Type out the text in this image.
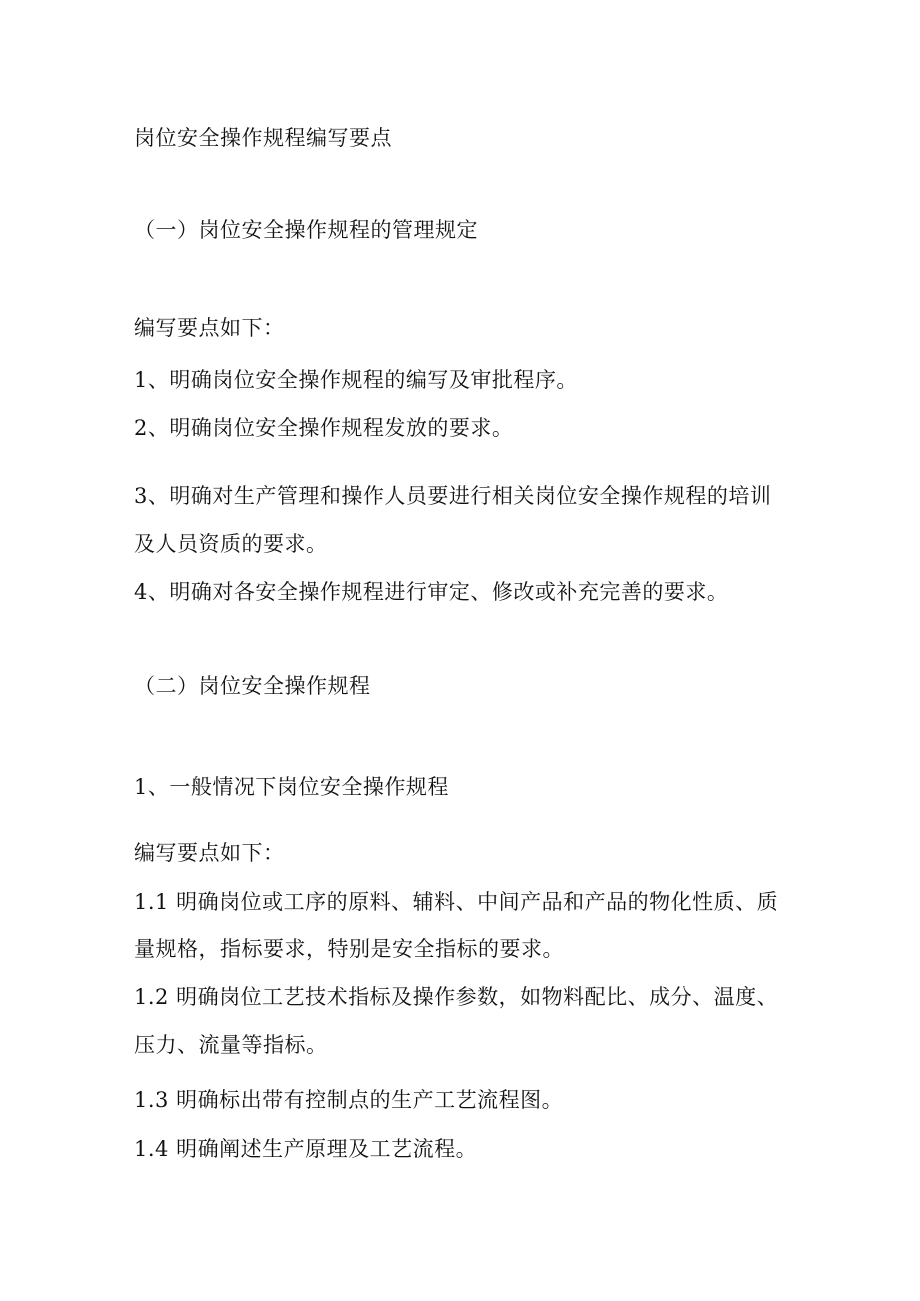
岗位安全操作规程编写要点
（一）岗位安全操作规程的管理规定
编写要点如下：
1、明确岗位安全操作规程的编写及审批程序。
2、明确岗位安全操作规程发放的要求。
3、明确对生产管理和操作人员要进行相关岗位安全操作规程的培训
及人员资质的要求。
4、明确对各安全操作规程进行审定、修改或补充完善的要求。
（二）岗位安全操作规程
1、一般情况下岗位安全操作规程
编写要点如下：
1.1 明确岗位或工序的原料、辅料、中间产品和产品的物化性质、质
量规格，指标要求，特别是安全指标的要求。
1.2 明确岗位工艺技术指标及操作参数，如物料配比、成分、温度、
压力、流量等指标。
1.3 明确标出带有控制点的生产工艺流程图。
1.4 明确阐述生产原理及工艺流程。
